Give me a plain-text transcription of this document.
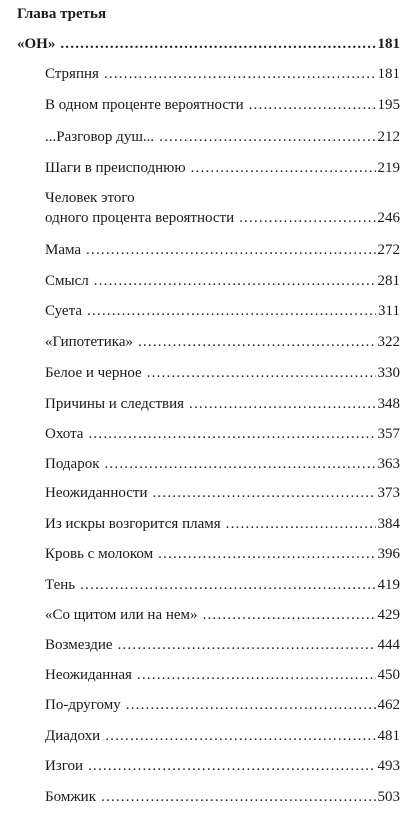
Глава третья
«ОН» .....	181
Стряпня .....	181
В одном проценте вероятности .....	195
...Разговор душ... .....	212
Шаги в преисподнюю .....	219
Человек этого
одного процента вероятности .....	246
Мама .....	272
Смысл .....	281
Суета .....	311
«Гипотетика» .....	322
Белое и черное .....	330
Причины и следствия .....	348
Охота .....	357
Подарок .....	363
Неожиданности .....	373
Из искры возгорится пламя .....	384
Кровь с молоком .....	396
Тень .....	419
«Со щитом или на нем» .....	429
Возмездие .....	444
Неожиданная .....	450
По-другому .....	462
Диадохи .....	481
Изгои .....	493
Бомжик .....	503
